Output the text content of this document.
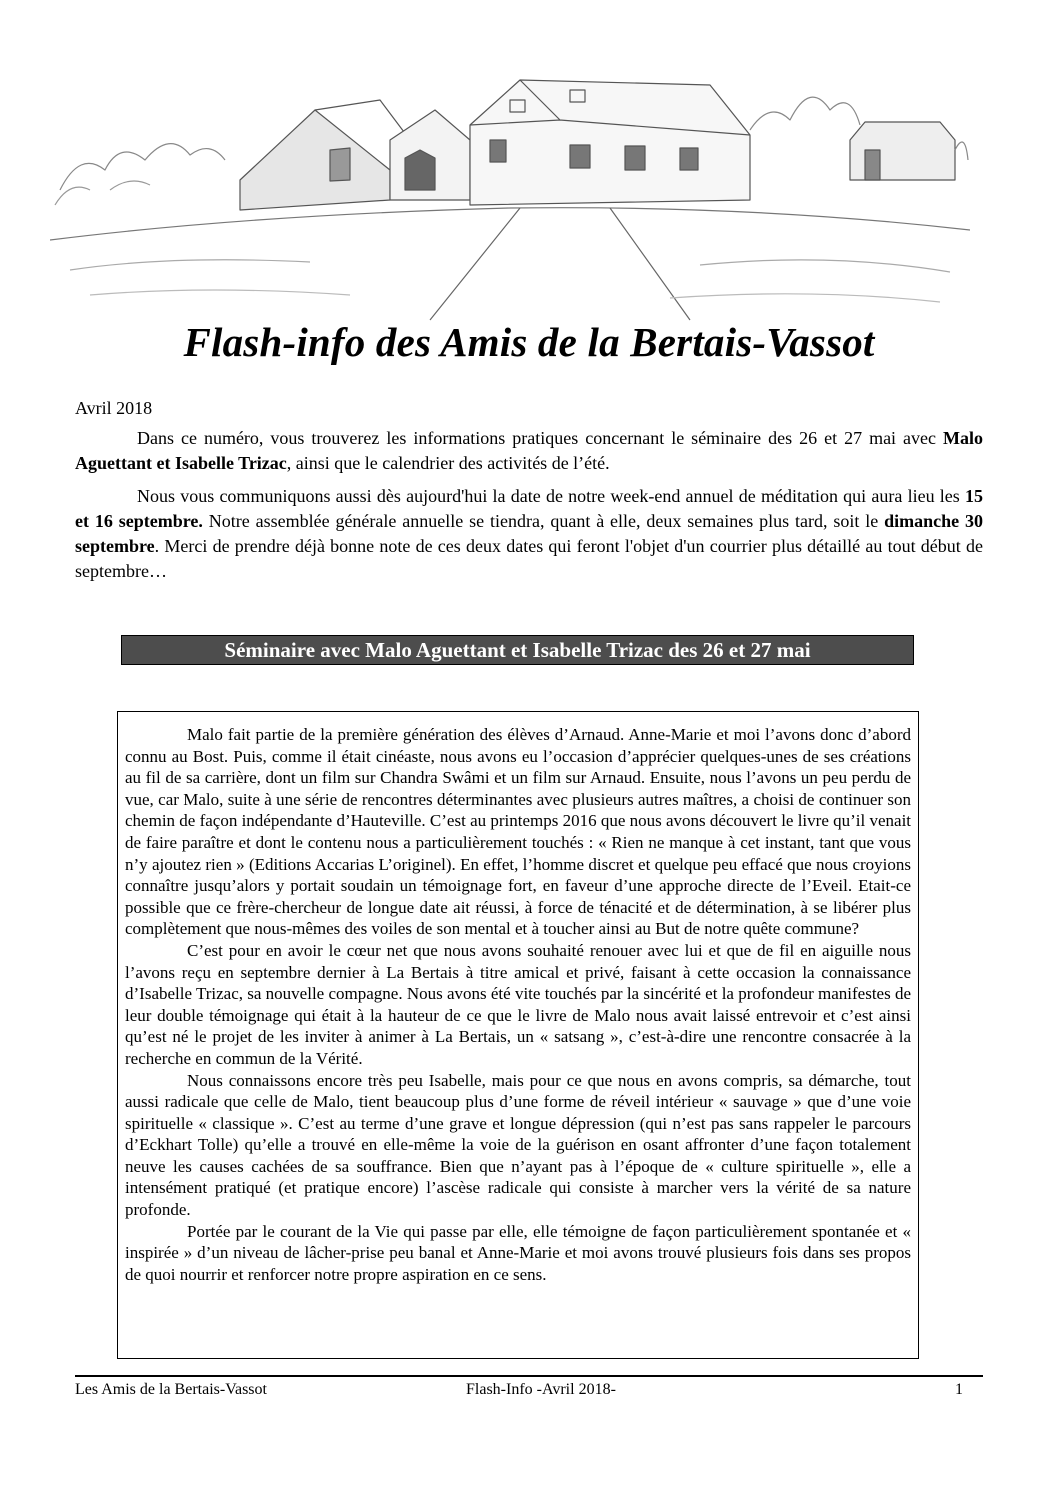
Flash-info des Amis de la Bertais-Vassot
Avril 2018

Dans ce numéro, vous trouverez les informations pratiques concernant le séminaire des 26 et 27 mai avec Malo Aguettant et Isabelle Trizac, ainsi que le calendrier des activités de l’été.

Nous vous communiquons aussi dès aujourd'hui la date de notre week-end annuel de méditation qui aura lieu les 15 et 16 septembre. Notre assemblée générale annuelle se tiendra, quant à elle, deux semaines plus tard, soit le dimanche 30 septembre. Merci de prendre déjà bonne note de ces deux dates qui feront l'objet d'un courrier plus détaillé au tout début de septembre…

Séminaire avec Malo Aguettant et Isabelle Trizac des 26 et 27 mai

Malo fait partie de la première génération des élèves d’Arnaud. Anne-Marie et moi l’avons donc d’abord connu au Bost. Puis, comme il était cinéaste, nous avons eu l’occasion d’apprécier quelques-unes de ses créations au fil de sa carrière, dont un film sur Chandra Swâmi et un film sur Arnaud. Ensuite, nous l’avons un peu perdu de vue, car Malo, suite à une série de rencontres déterminantes avec plusieurs autres maîtres, a choisi de continuer son chemin de façon indépendante d’Hauteville. C’est au printemps 2016 que nous avons découvert le livre qu’il venait de faire paraître et dont le contenu nous a particulièrement touchés : « Rien ne manque à cet instant, tant que vous n’y ajoutez rien » (Editions Accarias L’originel). En effet, l’homme discret et quelque peu effacé que nous croyions connaître jusqu’alors y portait soudain un témoignage fort, en faveur d’une approche directe de l’Eveil. Etait-ce possible que ce frère-chercheur de longue date ait réussi, à force de ténacité et de détermination, à se libérer plus complètement que nous-mêmes des voiles de son mental et à toucher ainsi au But de notre quête commune?

C’est pour en avoir le cœur net que nous avons souhaité renouer avec lui et que de fil en aiguille nous l’avons reçu en septembre dernier à La Bertais à titre amical et privé, faisant à cette occasion la connaissance d’Isabelle Trizac, sa nouvelle compagne. Nous avons été vite touchés par la sincérité et la profondeur manifestes de leur double témoignage qui était à la hauteur de ce que le livre de Malo nous avait laissé entrevoir et c’est ainsi qu’est né le projet de les inviter à animer à La Bertais, un « satsang », c’est-à-dire une rencontre consacrée à la recherche en commun de la Vérité.

Nous connaissons encore très peu Isabelle, mais pour ce que nous en avons compris, sa démarche, tout aussi radicale que celle de Malo, tient beaucoup plus d’une forme de réveil intérieur « sauvage » que d’une voie spirituelle « classique ». C’est au terme d’une grave et longue dépression (qui n’est pas sans rappeler le parcours d’Eckhart Tolle) qu’elle a trouvé en elle-même la voie de la guérison en osant affronter d’une façon totalement neuve les causes cachées de sa souffrance. Bien que n’ayant pas à l’époque de « culture spirituelle », elle a intensément pratiqué (et pratique encore) l’ascèse radicale qui consiste à marcher vers la vérité de sa nature profonde.

Portée par le courant de la Vie qui passe par elle, elle témoigne de façon particulièrement spontanée et « inspirée » d’un niveau de lâcher-prise peu banal et Anne-Marie et moi avons trouvé plusieurs fois dans ses propos de quoi nourrir et renforcer notre propre aspiration en ce sens.

Les Amis de la Bertais-Vassot	Flash-Info -Avril 2018-	1
